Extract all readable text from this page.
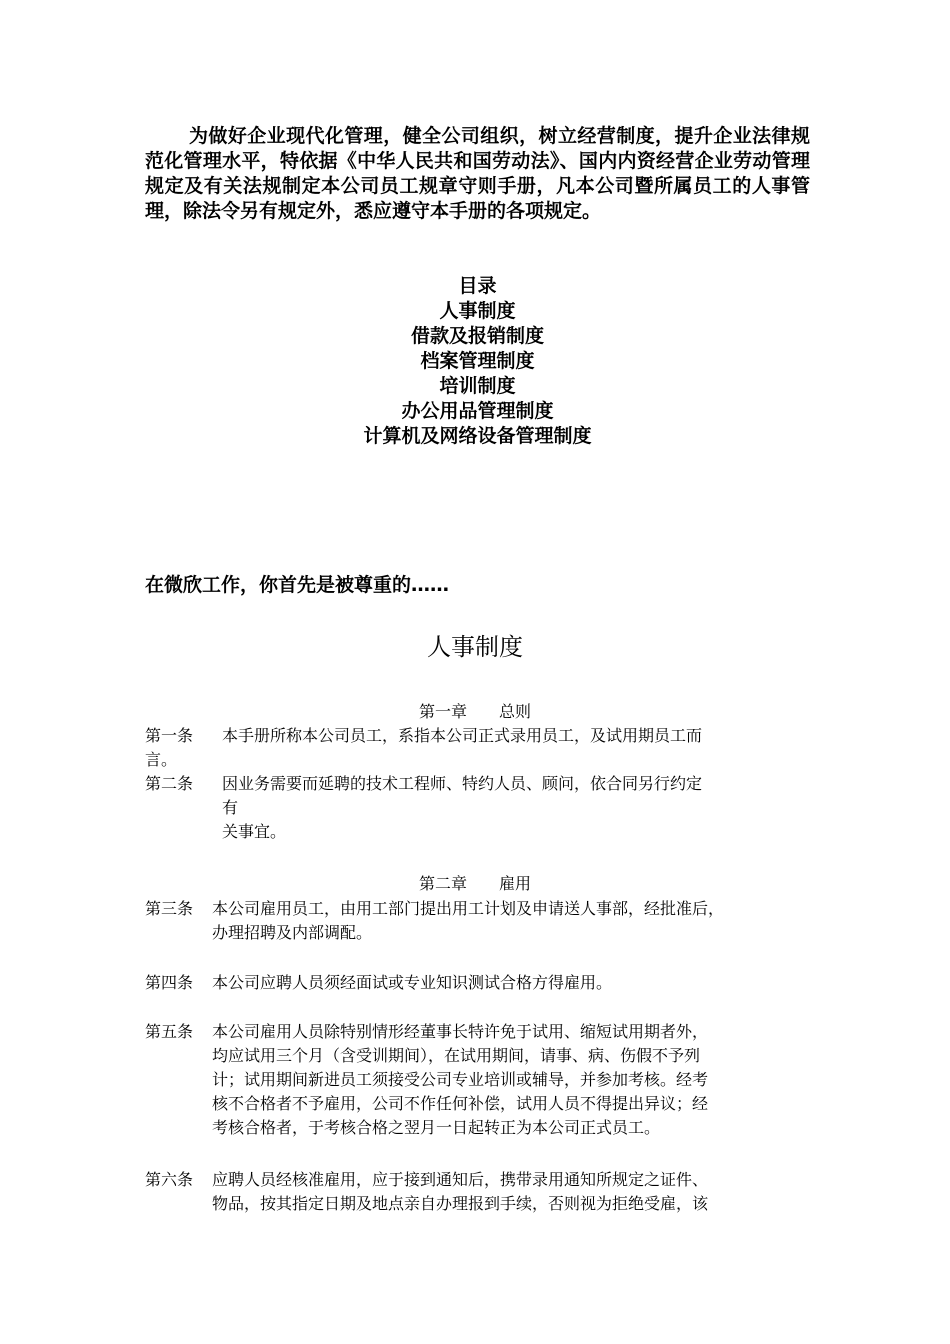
为做好企业现代化管理，健全公司组织，树立经营制度，提升企业法律规范化管理水平，特依据《中华人民共和国劳动法》、国内内资经营企业劳动管理规定及有关法规制定本公司员工规章守则手册，凡本公司暨所属员工的人事管理，除法令另有规定外，悉应遵守本手册的各项规定。

目录
人事制度
借款及报销制度
档案管理制度
培训制度
办公用品管理制度
计算机及网络设备管理制度

在微欣工作，你首先是被尊重的……

人事制度
第一章 总则
第一条	本手册所称本公司员工，系指本公司正式录用员工，及试用期员工而
言。
第二条 因业务需要而延聘的技术工程师、特约人员、顾问，依合同另行约定
有
关事宜。
第二章 雇用
第三条 本公司雇用员工，由用工部门提出用工计划及申请送人事部，经批准后，
办理招聘及内部调配。
第四条 本公司应聘人员须经面试或专业知识测试合格方得雇用。
第五条 本公司雇用人员除特别情形经董事长特许免于试用、缩短试用期者外，
均应试用三个月（含受训期间），在试用期间，请事、病、伤假不予列
计；试用期间新进员工须接受公司专业培训或辅导，并参加考核。经考
核不合格者不予雇用，公司不作任何补偿，试用人员不得提出异议；经
考核合格者，于考核合格之翌月一日起转正为本公司正式员工。
第六条 应聘人员经核准雇用，应于接到通知后，携带录用通知所规定之证件、
物品，按其指定日期及地点亲自办理报到手续，否则视为拒绝受雇，该
